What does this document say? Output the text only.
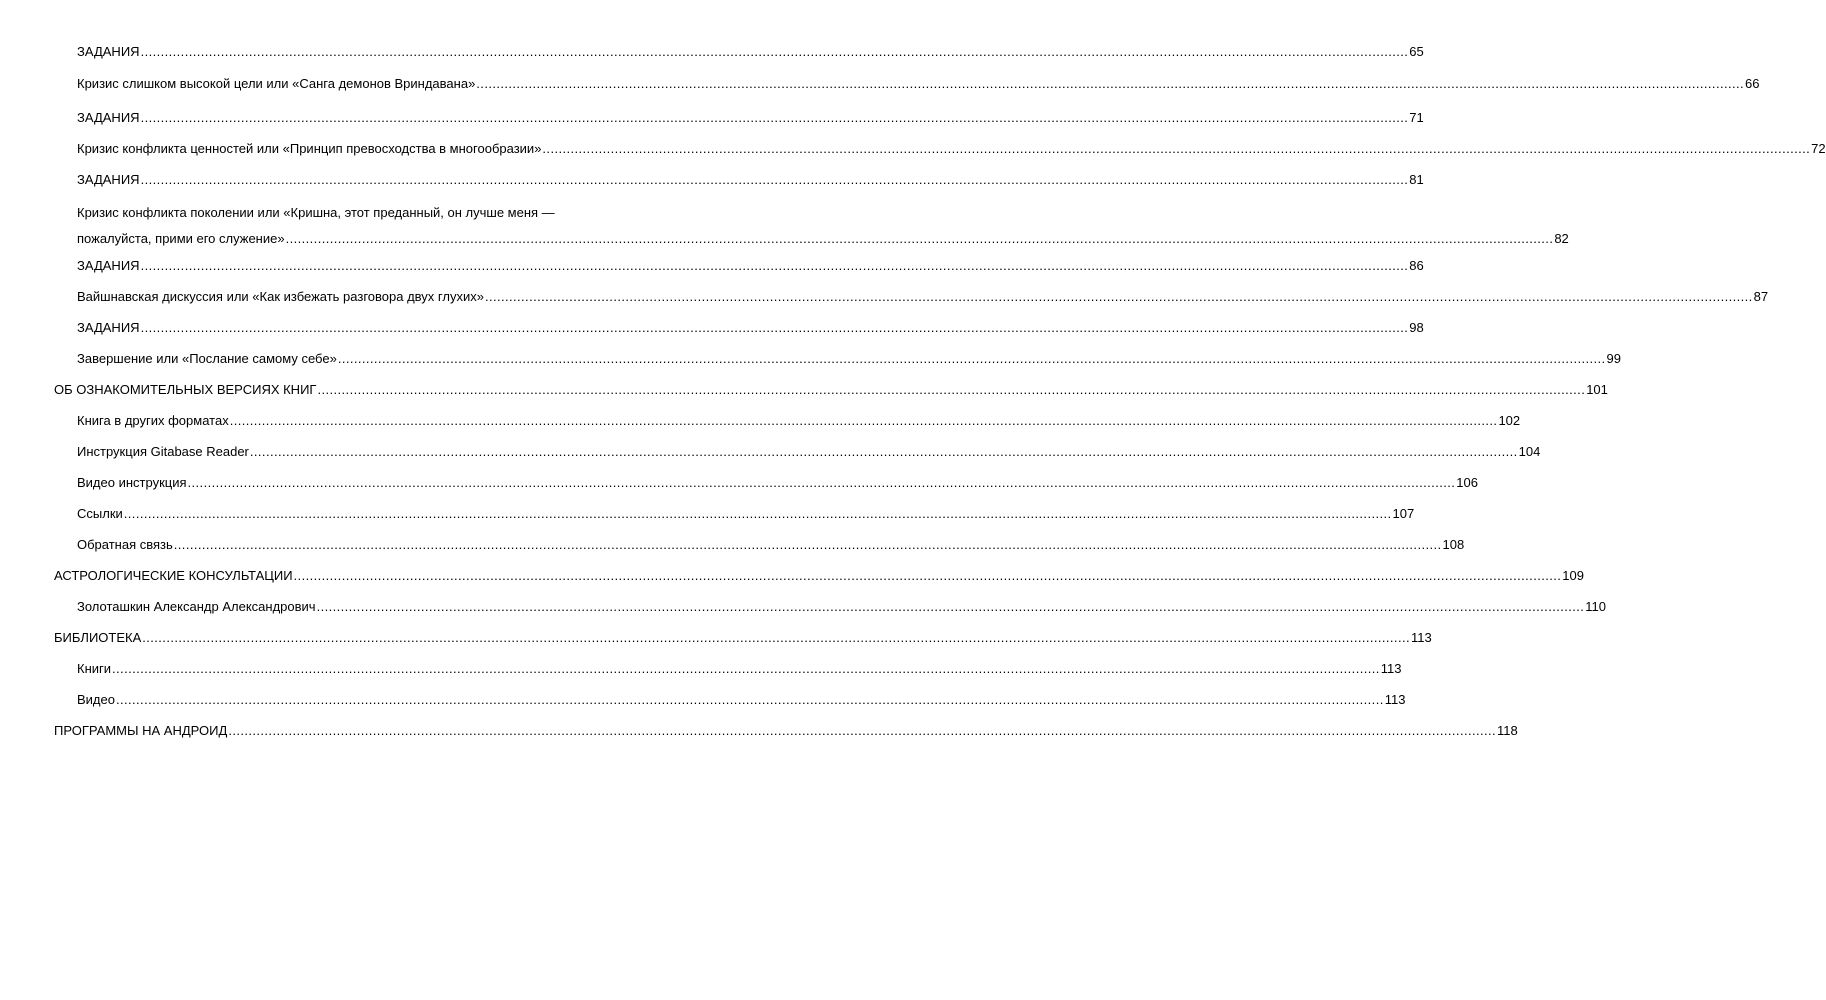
ЗАДАНИЯ ............................................................................................................................................................................................................................................................................................................................ 65
Кризис слишком высокой цели или «Санга демонов Вриндавана» ............................................................................................................................................................................................................................................................................................................................ 66
ЗАДАНИЯ ............................................................................................................................................................................................................................................................................................................................ 71
Кризис конфликта ценностей или «Принцип превосходства в многообразии» ............................................................................................................................................................................................................................................................................................................................ 72
ЗАДАНИЯ ............................................................................................................................................................................................................................................................................................................................ 81
Кризис конфликта поколении или «Кришна, этот преданный, он лучше меня —
пожалуйста, прими его служение» ............................................................................................................................................................................................................................................................................................................................ 82
ЗАДАНИЯ ............................................................................................................................................................................................................................................................................................................................ 86
Вайшнавская дискуссия или «Как избежать разговора двух глухих» ............................................................................................................................................................................................................................................................................................................................ 87
ЗАДАНИЯ ............................................................................................................................................................................................................................................................................................................................ 98
Завершение или «Послание самому себе» ............................................................................................................................................................................................................................................................................................................................ 99
ОБ ОЗНАКОМИТЕЛЬНЫХ ВЕРСИЯХ КНИГ ............................................................................................................................................................................................................................................................................................................................ 101
Книга в других форматах ............................................................................................................................................................................................................................................................................................................................ 102
Инструкция Gitabase Reader ............................................................................................................................................................................................................................................................................................................................ 104
Видео инструкция ............................................................................................................................................................................................................................................................................................................................ 106
Ссылки ............................................................................................................................................................................................................................................................................................................................ 107
Обратная связь ............................................................................................................................................................................................................................................................................................................................ 108
АСТРОЛОГИЧЕСКИЕ КОНСУЛЬТАЦИИ ............................................................................................................................................................................................................................................................................................................................ 109
Золоташкин Александр Александрович ............................................................................................................................................................................................................................................................................................................................ 110
БИБЛИОТЕКА ............................................................................................................................................................................................................................................................................................................................ 113
Книги ............................................................................................................................................................................................................................................................................................................................ 113
Видео ............................................................................................................................................................................................................................................................................................................................ 113
ПРОГРАММЫ НА АНДРОИД ............................................................................................................................................................................................................................................................................................................................ 118
